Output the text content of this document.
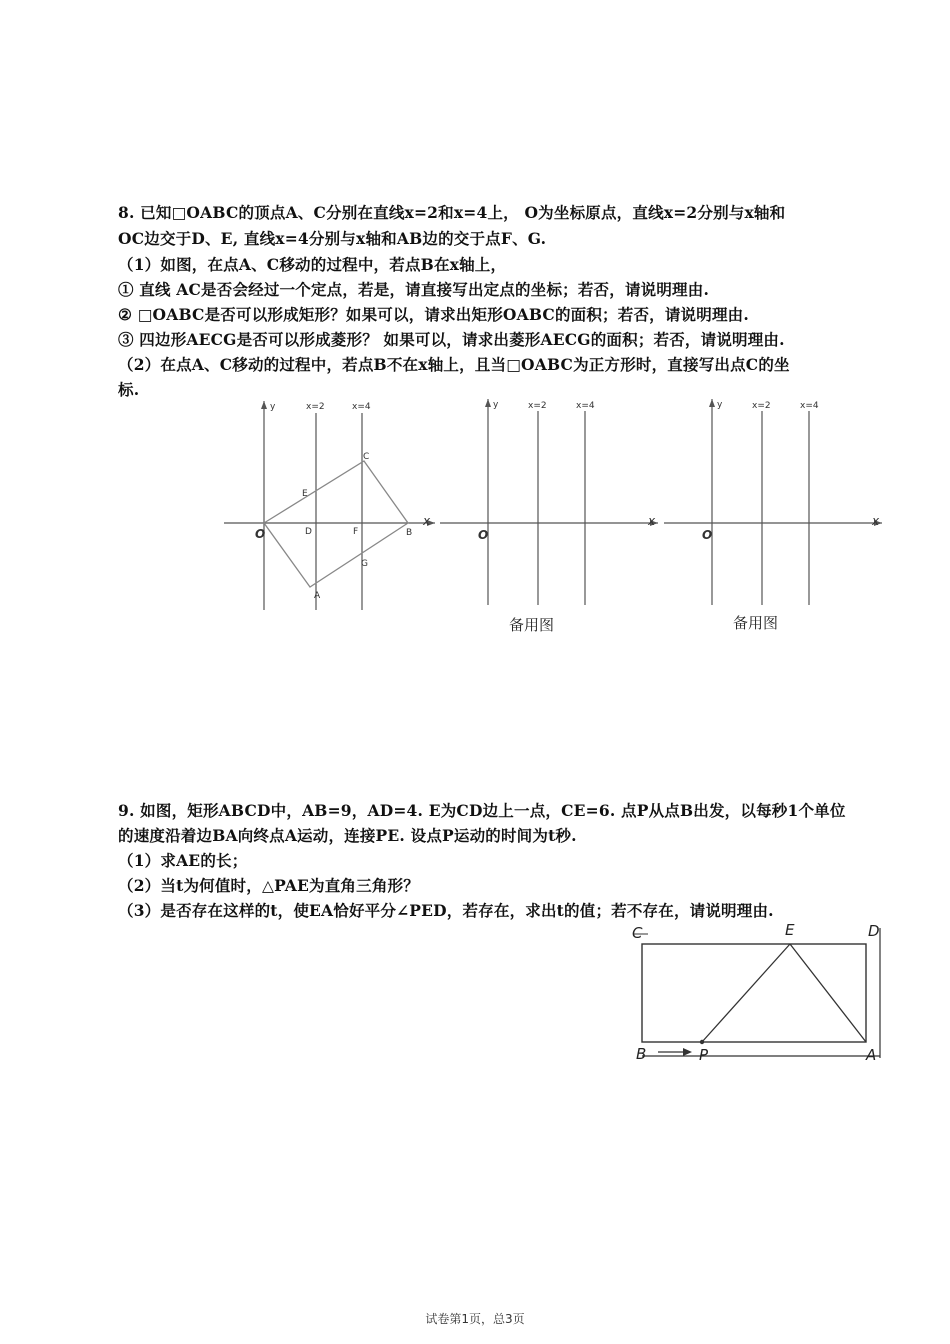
8. 已知□OABC的顶点A、C分别在直线x=2和x=4上， O为坐标原点，直线x=2分别与x轴和
OC边交于D、E, 直线x=4分别与x轴和AB边的交于点F、G.
（1）如图，在点A、C移动的过程中，若点B在x轴上，
① 直线 AC是否会经过一个定点，若是，请直接写出定点的坐标；若否，请说明理由.
② □OABC是否可以形成矩形？如果可以，请求出矩形OABC的面积；若否，请说明理由.
③ 四边形AECG是否可以形成菱形？ 如果可以，请求出菱形AECG的面积；若否，请说明理由.
（2）在点A、C移动的过程中，若点B不在x轴上，且当□OABC为正方形时，直接写出点C的坐
标.
y	x=2	x=4
x
O
A
B
C
D
E
F
G
y	x=2	x=4
x
O
备用图
y	x=2	x=4
x
O
备用图
9. 如图，矩形ABCD中，AB=9，AD=4. E为CD边上一点，CE=6. 点P从点B出发，以每秒1个单位
的速度沿着边BA向终点A运动，连接PE. 设点P运动的时间为t秒.
（1）求AE的长；
（2）当t为何值时，△PAE为直角三角形？
（3）是否存在这样的t，使EA恰好平分∠PED，若存在，求出t的值；若不存在，请说明理由.
C	E	D
B	P	A
试卷第1页，总3页
